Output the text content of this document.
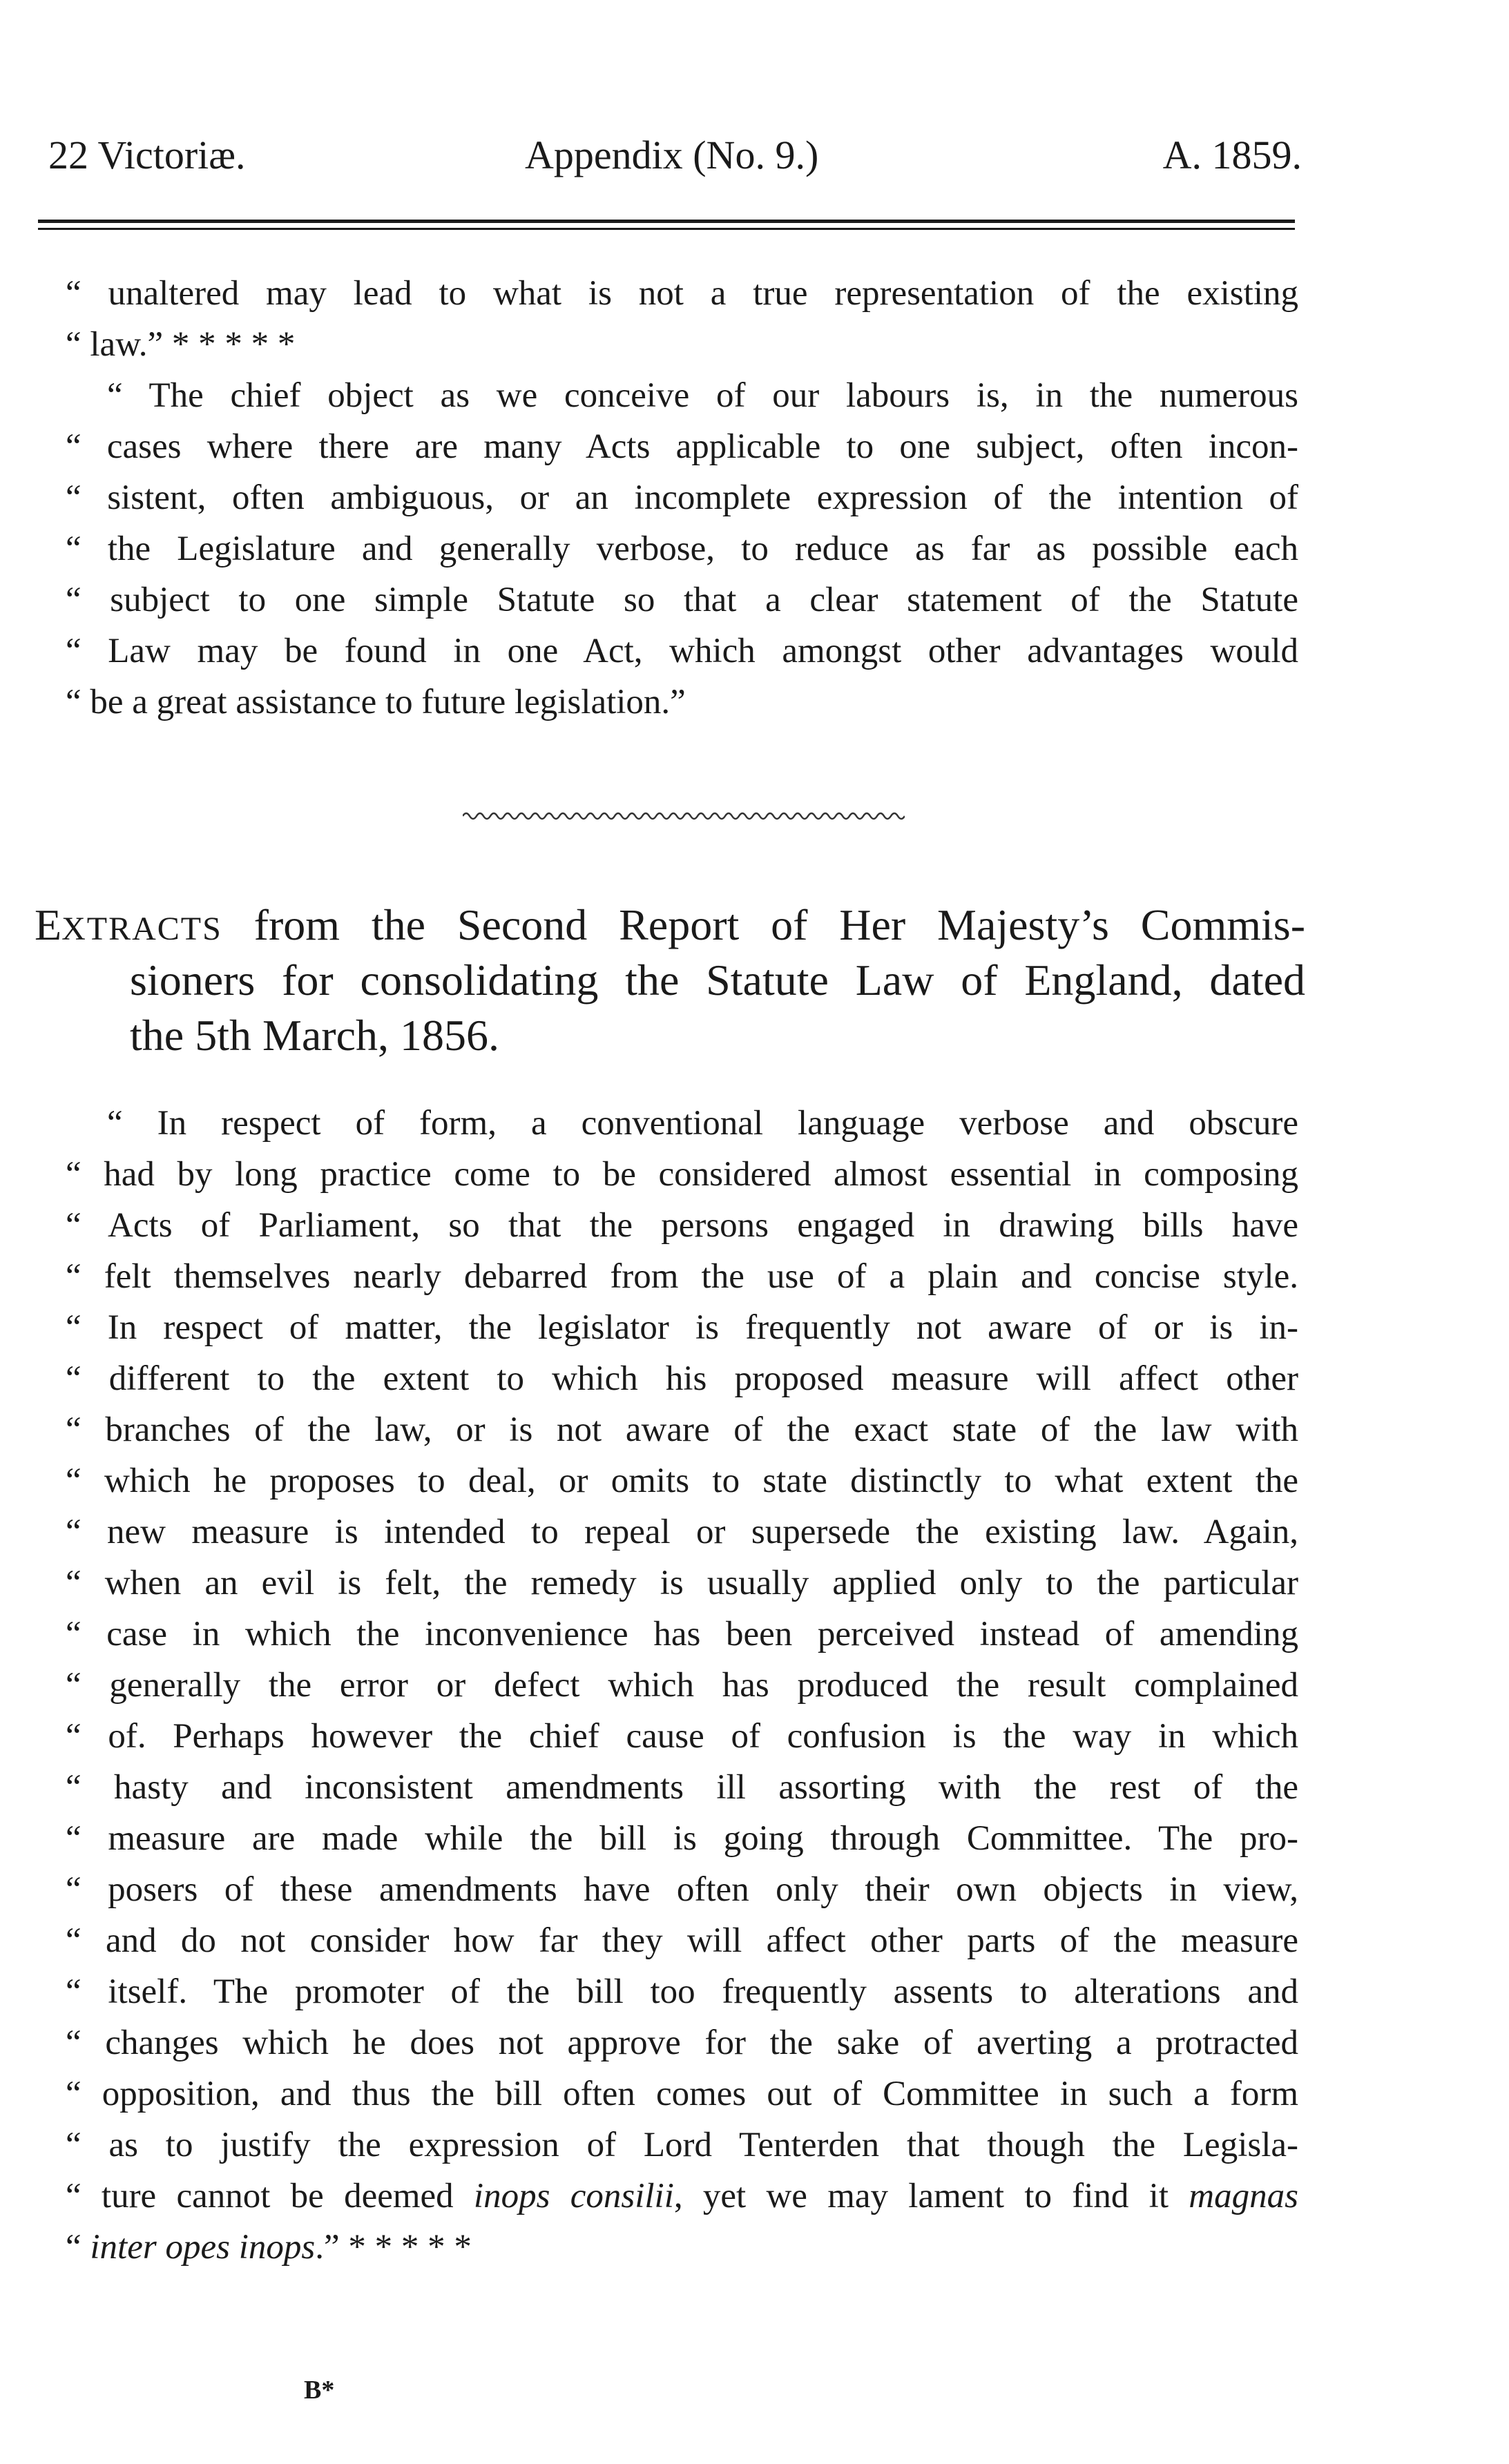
22 Victoriæ.	Appendix (No. 9.)	A. 1859.
“ unaltered may lead to what is not a true representation of the existing
“ law.” * * * * *
“ The chief object as we conceive of our labours is, in the numerous
“ cases where there are many Acts applicable to one subject, often incon-
“ sistent, often ambiguous, or an incomplete expression of the intention of
“ the Legislature and generally verbose, to reduce as far as possible each
“ subject to one simple Statute so that a clear statement of the Statute
“ Law may be found in one Act, which amongst other advantages would
“ be a great assistance to future legislation.”
EXTRACTS from the Second Report of Her Majesty’s Commis-
sioners for consolidating the Statute Law of England, dated
the 5th March, 1856.
“ In respect of form, a conventional language verbose and obscure
“ had by long practice come to be considered almost essential in composing
“ Acts of Parliament, so that the persons engaged in drawing bills have
“ felt themselves nearly debarred from the use of a plain and concise style.
“ In respect of matter, the legislator is frequently not aware of or is in-
“ different to the extent to which his proposed measure will affect other
“ branches of the law, or is not aware of the exact state of the law with
“ which he proposes to deal, or omits to state distinctly to what extent the
“ new measure is intended to repeal or supersede the existing law. Again,
“ when an evil is felt, the remedy is usually applied only to the particular
“ case in which the inconvenience has been perceived instead of amending
“ generally the error or defect which has produced the result complained
“ of. Perhaps however the chief cause of confusion is the way in which
“ hasty and inconsistent amendments ill assorting with the rest of the
“ measure are made while the bill is going through Committee. The pro-
“ posers of these amendments have often only their own objects in view,
“ and do not consider how far they will affect other parts of the measure
“ itself. The promoter of the bill too frequently assents to alterations and
“ changes which he does not approve for the sake of averting a protracted
“ opposition, and thus the bill often comes out of Committee in such a form
“ as to justify the expression of Lord Tenterden that though the Legisla-
“ ture cannot be deemed inops consilii, yet we may lament to find it magnas
“ inter opes inops.” * * * * *
B*
